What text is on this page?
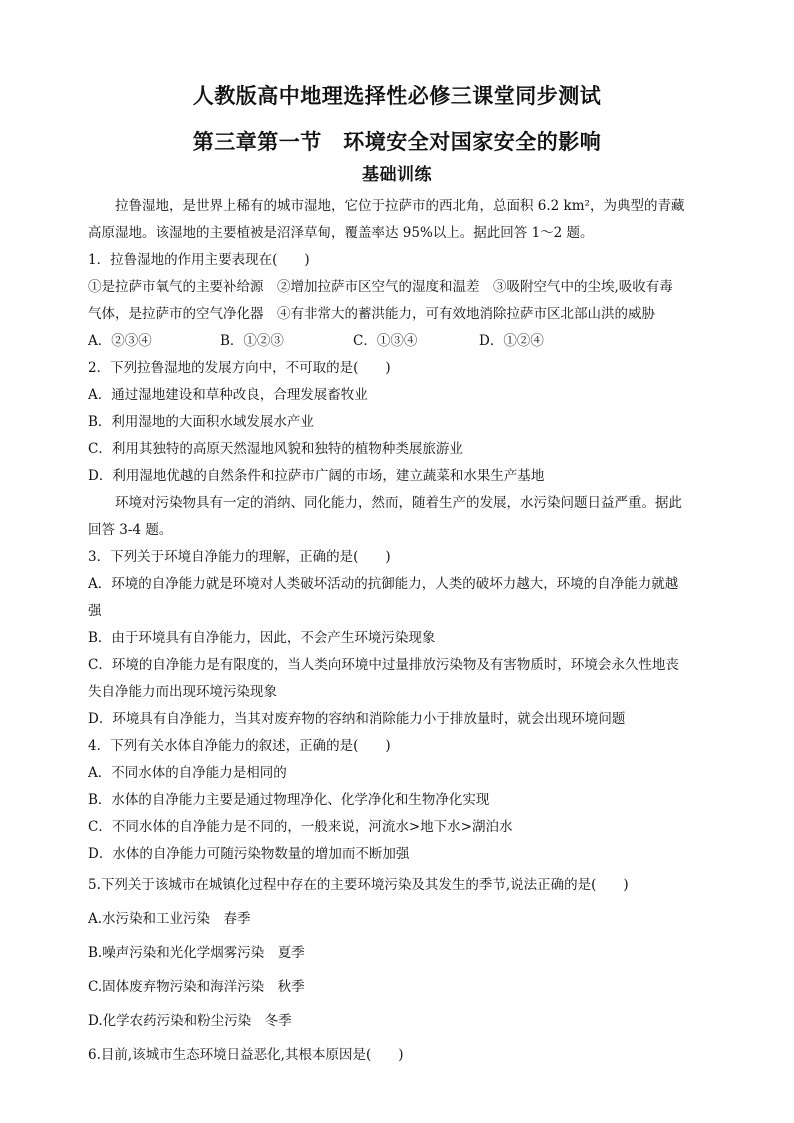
人教版高中地理选择性必修三课堂同步测试
第三章第一节　环境安全对国家安全的影响
基础训练
拉鲁湿地，是世界上稀有的城市湿地，它位于拉萨市的西北角，总面积 6.2 km²，为典型的青藏
高原湿地。该湿地的主要植被是沼泽草甸，覆盖率达 95%以上。据此回答 1～2 题。
1．拉鲁湿地的作用主要表现在(　　)
①是拉萨市氧气的主要补给源　②增加拉萨市区空气的湿度和温差　③吸附空气中的尘埃,吸收有毒
气体，是拉萨市的空气净化器　④有非常大的蓄洪能力，可有效地消除拉萨市区北部山洪的威胁
A．②③④	B．①②③	C．①③④	D．①②④
2．下列拉鲁湿地的发展方向中，不可取的是(　　)
A．通过湿地建设和草种改良，合理发展畜牧业
B．利用湿地的大面积水域发展水产业
C．利用其独特的高原天然湿地风貌和独特的植物种类展旅游业
D．利用湿地优越的自然条件和拉萨市广阔的市场，建立蔬菜和水果生产基地
环境对污染物具有一定的消纳、同化能力，然而，随着生产的发展，水污染问题日益严重。据此
回答 3-4 题。
3．下列关于环境自净能力的理解，正确的是(　　)
A．环境的自净能力就是环境对人类破坏活动的抗御能力，人类的破坏力越大，环境的自净能力就越
强
B．由于环境具有自净能力，因此，不会产生环境污染现象
C．环境的自净能力是有限度的，当人类向环境中过量排放污染物及有害物质时，环境会永久性地丧
失自净能力而出现环境污染现象
D．环境具有自净能力，当其对废弃物的容纳和消除能力小于排放量时，就会出现环境问题
4．下列有关水体自净能力的叙述，正确的是(　　)
A．不同水体的自净能力是相同的
B．水体的自净能力主要是通过物理净化、化学净化和生物净化实现
C．不同水体的自净能力是不同的，一般来说，河流水>地下水>湖泊水
D．水体的自净能力可随污染物数量的增加而不断加强
5.下列关于该城市在城镇化过程中存在的主要环境污染及其发生的季节,说法正确的是(　　)
A.水污染和工业污染　春季
B.噪声污染和光化学烟雾污染　夏季
C.固体废弃物污染和海洋污染　秋季
D.化学农药污染和粉尘污染　冬季
6.目前,该城市生态环境日益恶化,其根本原因是(　　)
